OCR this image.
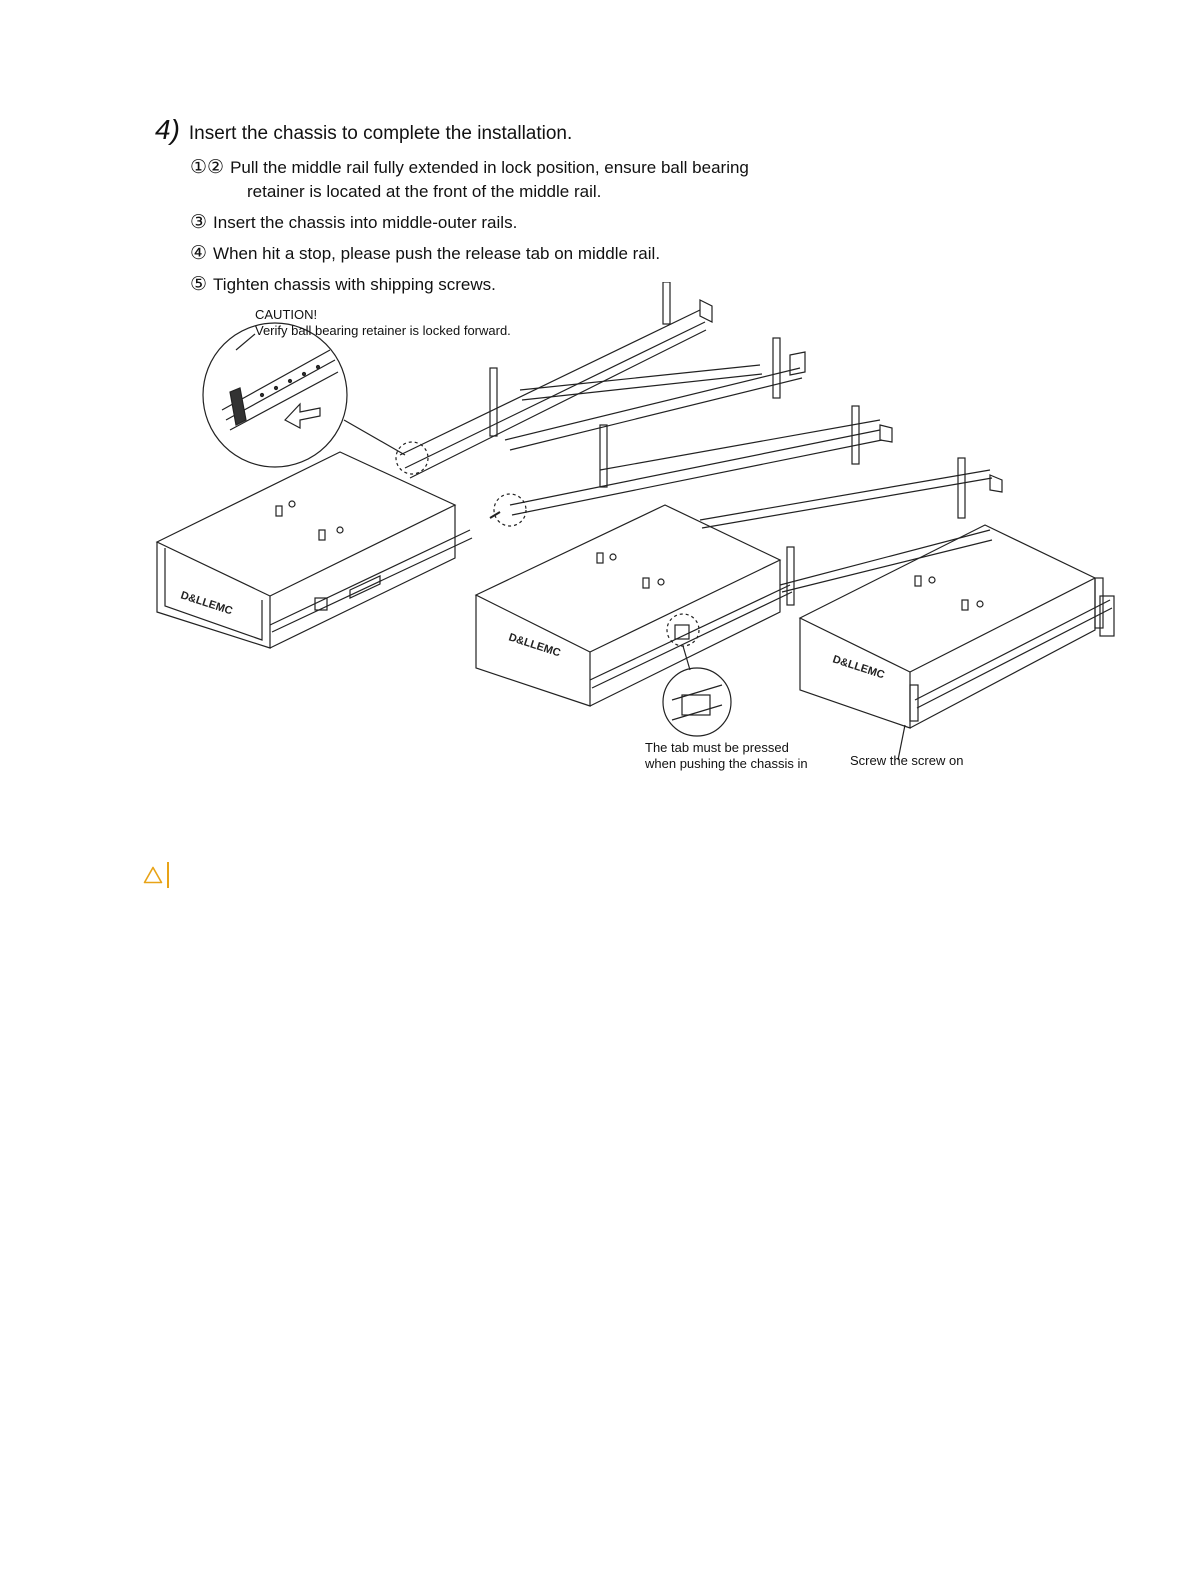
4) Insert the chassis to complete the installation.
①② Pull the middle rail fully extended in lock position, ensure ball bearing
retainer is located at the front of the middle rail.
③ Insert the chassis into middle-outer rails.
④ When hit a stop, please push the release tab on middle rail.
⑤ Tighten chassis with shipping screws.
D&LLEMC
D&LLEMC
D&LLEMC
CAUTION!
Verify ball bearing retainer is locked forward.
The tab must be pressed
when pushing the chassis in	Screw the screw on
